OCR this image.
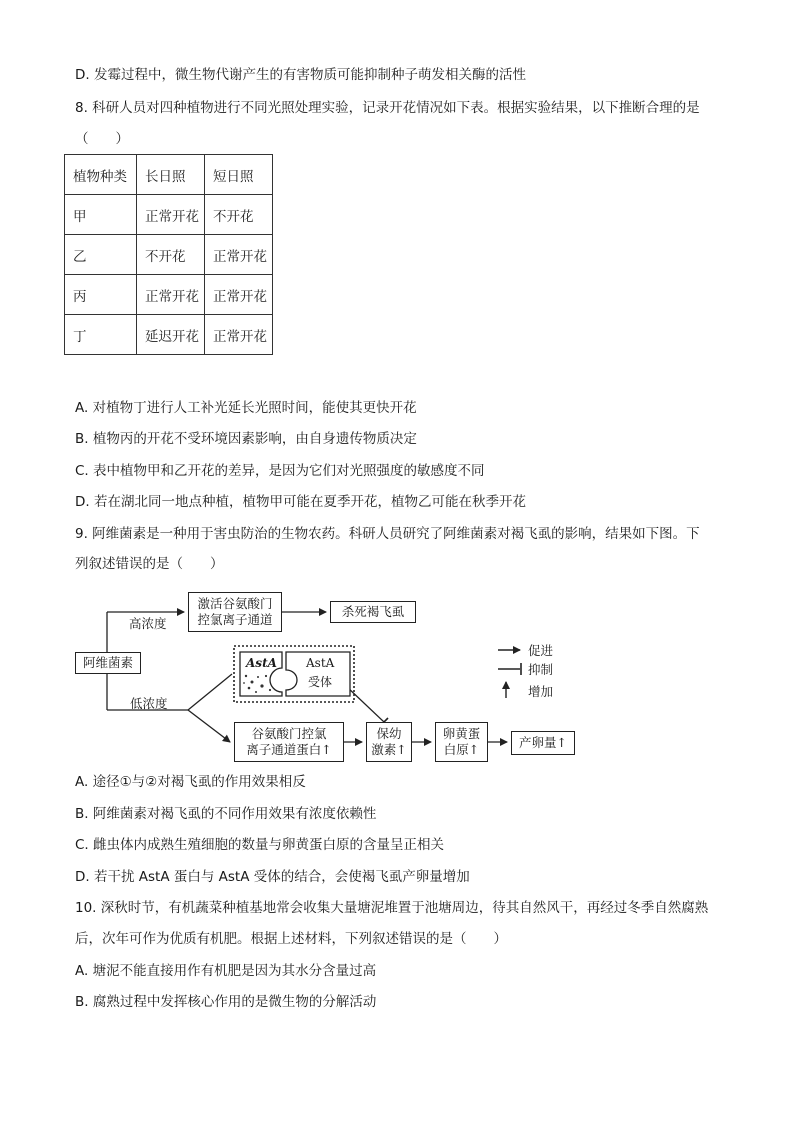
D. 发霉过程中，微生物代谢产生的有害物质可能抑制种子萌发相关酶的活性
8. 科研人员对四种植物进行不同光照处理实验，记录开花情况如下表。根据实验结果，以下推断合理的是
（　　）
植物种类	长日照	短日照
甲	正常开花	不开花
乙	不开花	正常开花
丙	正常开花	正常开花
丁	延迟开花	正常开花
A. 对植物丁进行人工补光延长光照时间，能使其更快开花
B. 植物丙的开花不受环境因素影响，由自身遗传物质决定
C. 表中植物甲和乙开花的差异，是因为它们对光照强度的敏感度不同
D. 若在湖北同一地点种植，植物甲可能在夏季开花，植物乙可能在秋季开花
9. 阿维菌素是一种用于害虫防治的生物农药。科研人员研究了阿维菌素对褐飞虱的影响，结果如下图。下
列叙述错误的是（　　）
阿维菌素
高浓度
低浓度
激活谷氨酸门
控氯离子通道
杀死褐飞虱
AstA AstA
受体
谷氨酸门控氯
离子通道蛋白↑
保幼
激素↑
卵黄蛋
白原↑	产卵量↑
促进
抑制
增加
A. 途径①与②对褐飞虱的作用效果相反
B. 阿维菌素对褐飞虱的不同作用效果有浓度依赖性
C. 雌虫体内成熟生殖细胞的数量与卵黄蛋白原的含量呈正相关
D. 若干扰 AstA 蛋白与 AstA 受体的结合，会使褐飞虱产卵量增加
10. 深秋时节，有机蔬菜种植基地常会收集大量塘泥堆置于池塘周边，待其自然风干，再经过冬季自然腐熟
后，次年可作为优质有机肥。根据上述材料，下列叙述错误的是（　　）
A. 塘泥不能直接用作有机肥是因为其水分含量过高
B. 腐熟过程中发挥核心作用的是微生物的分解活动
